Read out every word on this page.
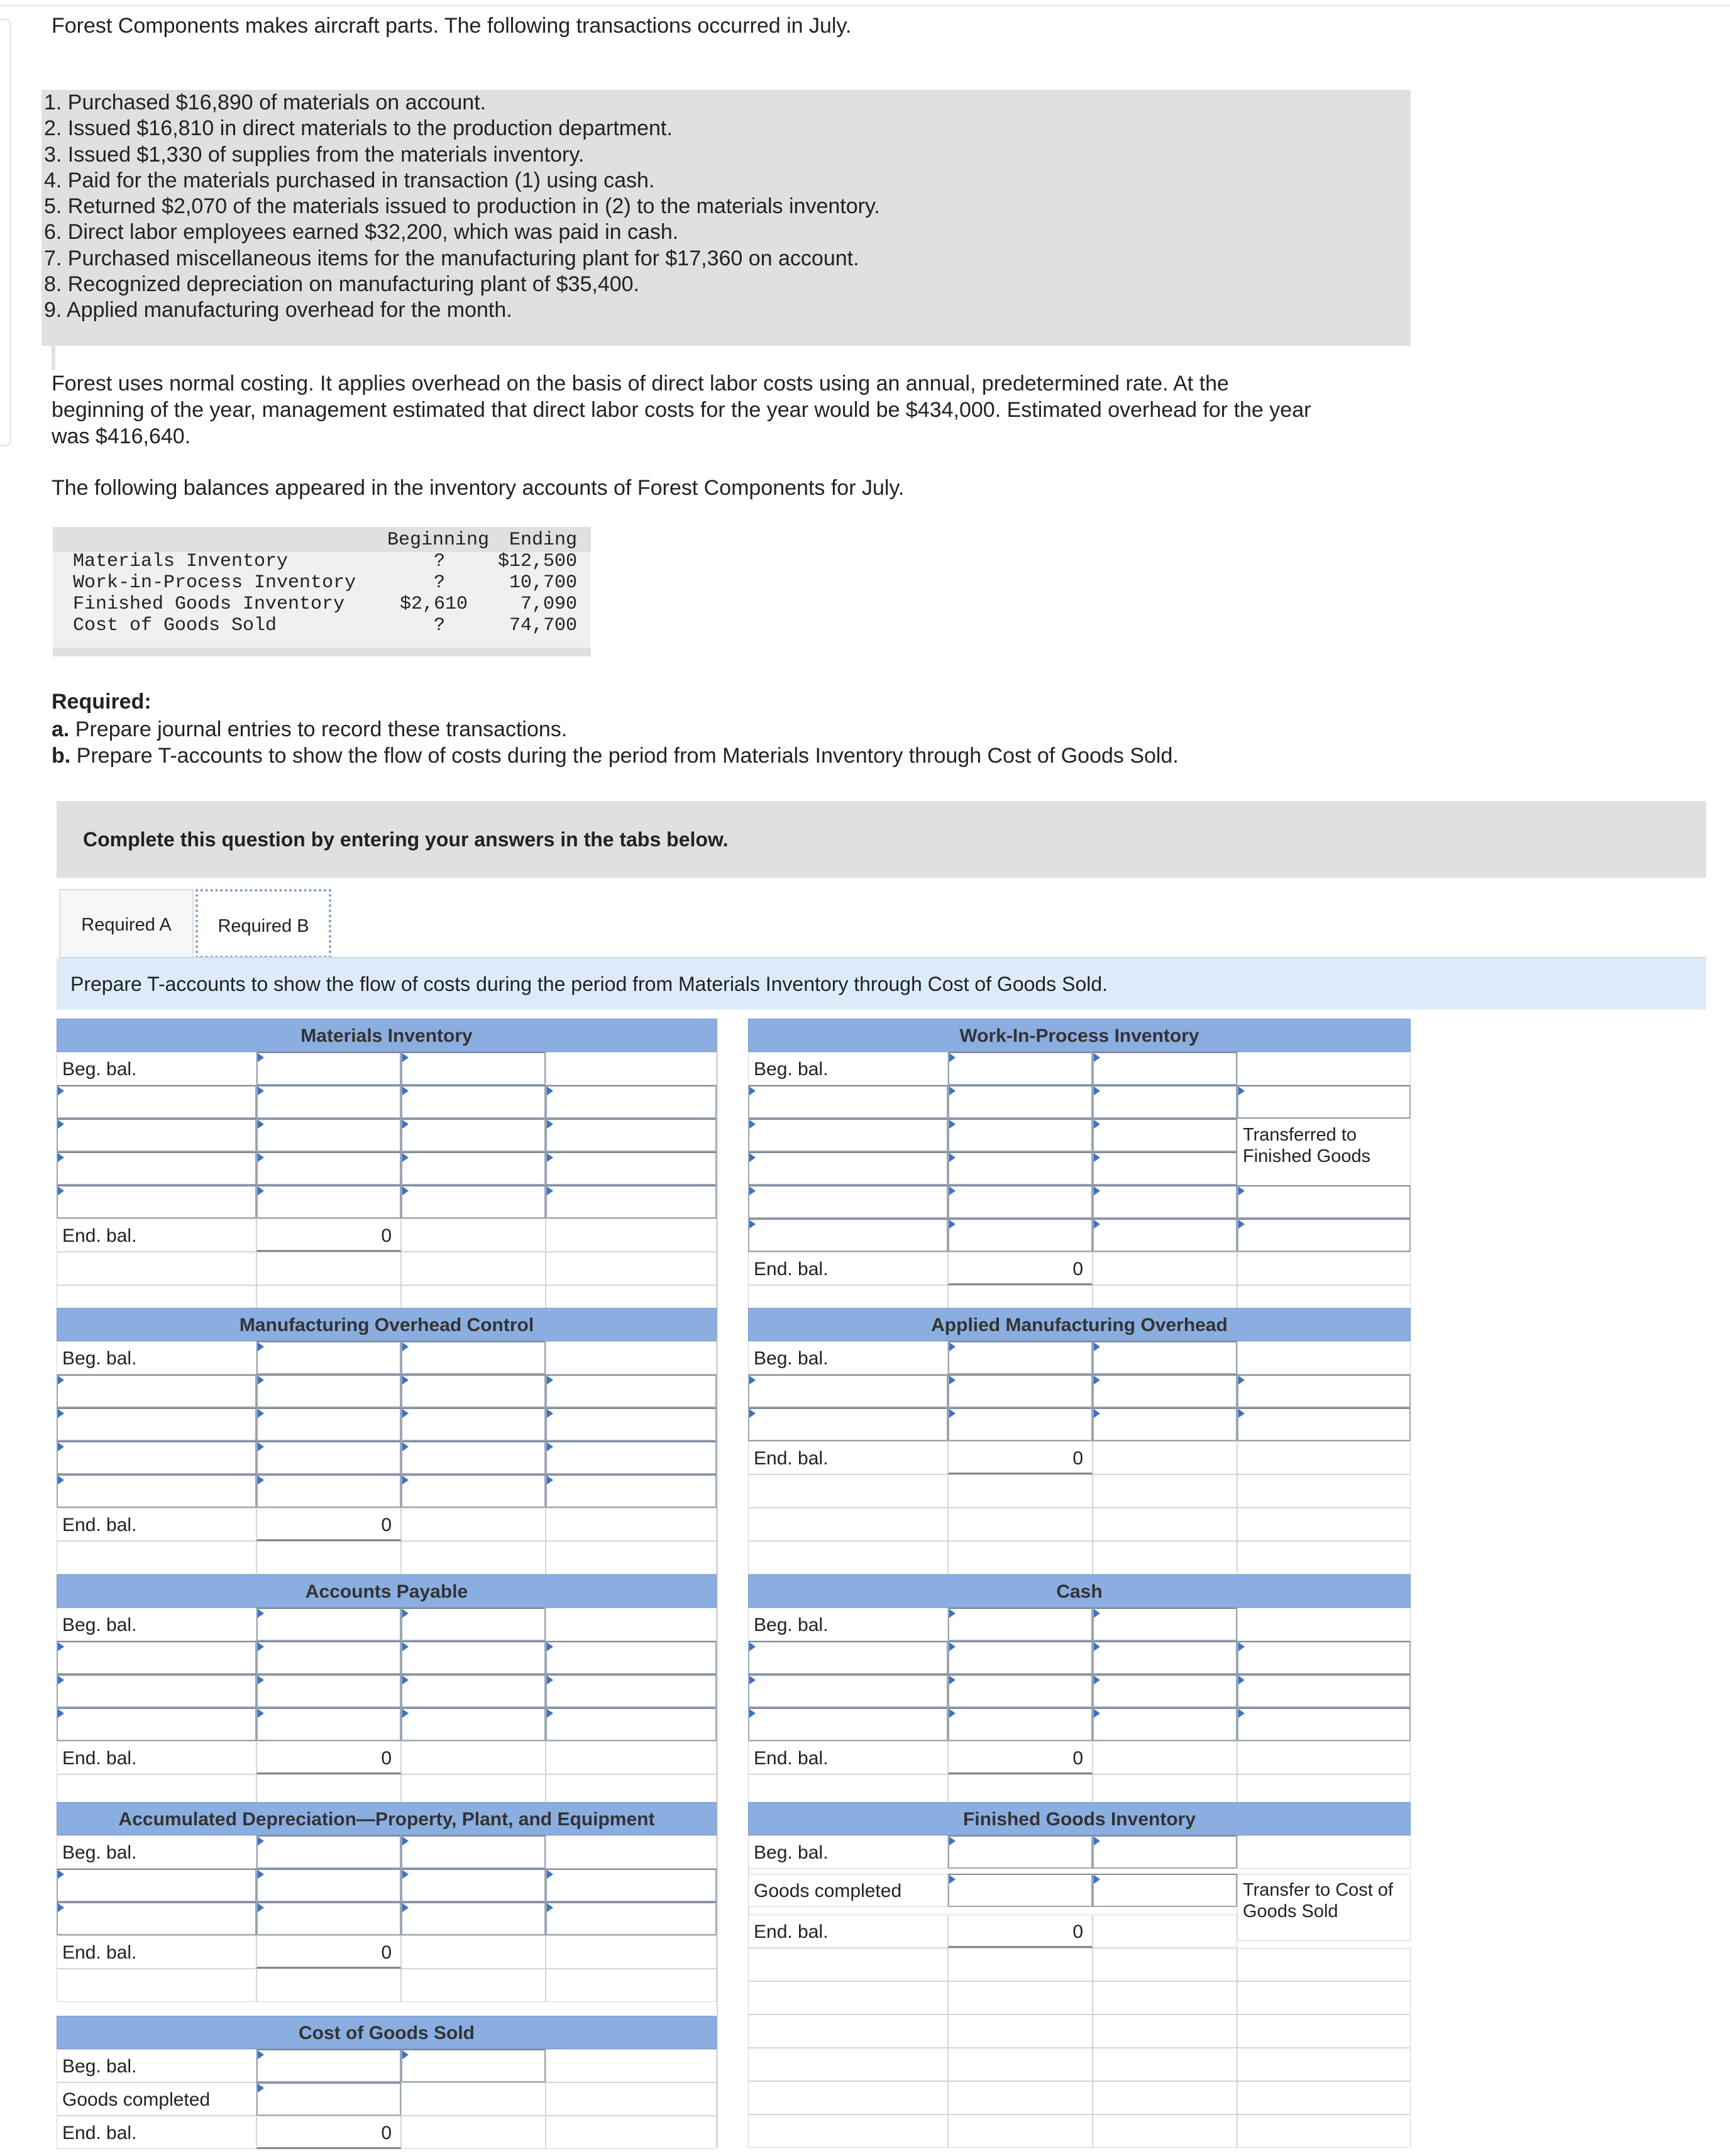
Forest Components makes aircraft parts. The following transactions occurred in July.

1. Purchased $16,890 of materials on account.
2. Issued $16,810 in direct materials to the production department.
3. Issued $1,330 of supplies from the materials inventory.
4. Paid for the materials purchased in transaction (1) using cash.
5. Returned $2,070 of the materials issued to production in (2) to the materials inventory.
6. Direct labor employees earned $32,200, which was paid in cash.
7. Purchased miscellaneous items for the manufacturing plant for $17,360 on account.
8. Recognized depreciation on manufacturing plant of $35,400.
9. Applied manufacturing overhead for the month.

Forest uses normal costing. It applies overhead on the basis of direct labor costs using an annual, predetermined rate. At the

beginning of the year, management estimated that direct labor costs for the year would be $434,000. Estimated overhead for the year

was $416,640.

The following balances appeared in the inventory accounts of Forest Components for July.

Beginning Ending
Materials Inventory	?	$12,500
Work-in-Process Inventory	?	10,700
Finished Goods Inventory	$2,610	7,090
Cost of Goods Sold	?	74,700
Required:
a. Prepare journal entries to record these transactions.
b. Prepare T-accounts to show the flow of costs during the period from Materials Inventory through Cost of Goods Sold.
Complete this question by entering your answers in the tabs below.
Required A	Required B
Prepare T-accounts to show the flow of costs during the period from Materials Inventory through Cost of Goods Sold.
Materials Inventory
Beg. bal.
End. bal.	0
Work-In-Process Inventory
Beg. bal.
Transferred to Finished Goods
End. bal.	0
Manufacturing Overhead Control
Beg. bal.
End. bal.	0
Applied Manufacturing Overhead
Beg. bal.
End. bal.	0
Accounts Payable
Beg. bal.
End. bal.	0
Cash
Beg. bal.
End. bal.	0
Accumulated Depreciation—Property, Plant, and Equipment
Beg. bal.
End. bal.	0
Finished Goods Inventory
Beg. bal.
Goods completed	Transfer to Cost of Goods Sold
End. bal.	0
Cost of Goods Sold
Beg. bal.
Goods completed
End. bal.	0
